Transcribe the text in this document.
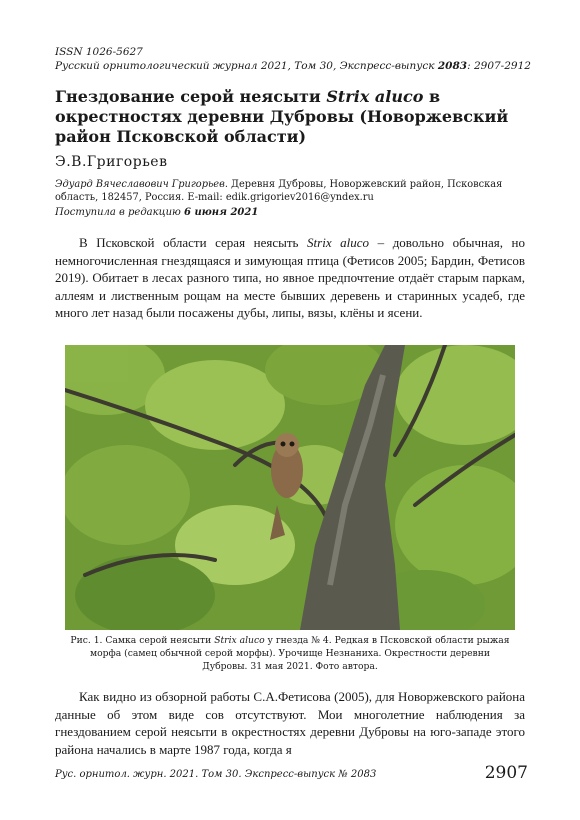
ISSN 1026-5627
Русский орнитологический журнал 2021, Том 30, Экспресс-выпуск 2083: 2907-2912
Гнездование серой неясыти Strix aluco в окрестностях деревни Дубровы (Новоржевский район Псковской области)
Э.В.Григорьев
Эдуард Вячеславович Григорьев. Деревня Дубровы, Новоржевский район, Псковская область, 182457, Россия. E-mail: edik.grigoriev2016@yndex.ru
Поступила в редакцию 6 июня 2021

В Псковской области серая неясыть Strix aluco – довольно обычная, но немногочисленная гнездящаяся и зимующая птица (Фетисов 2005; Бардин, Фетисов 2019). Обитает в лесах разного типа, но явное предпочтение отдаёт старым паркам, аллеям и лиственным рощам на месте бывших деревень и старинных усадеб, где много лет назад были посажены дубы, липы, вязы, клёны и ясени.

Рис. 1. Самка серой неясыти Strix aluco у гнезда № 4. Редкая в Псковской области рыжая морфа (самец обычной серой морфы). Урочище Незнаниха. Окрестности деревни Дубровы. 31 мая 2021. Фото автора.

Как видно из обзорной работы С.А.Фетисова (2005), для Новоржевского района данные об этом виде сов отсутствуют. Мои многолетние наблюдения за гнездованием серой неясыти в окрестностях деревни Дубровы на юго-западе этого района начались в марте 1987 года, когда я

Рус. орнитол. журн. 2021. Том 30. Экспресс-выпуск № 2083	2907
